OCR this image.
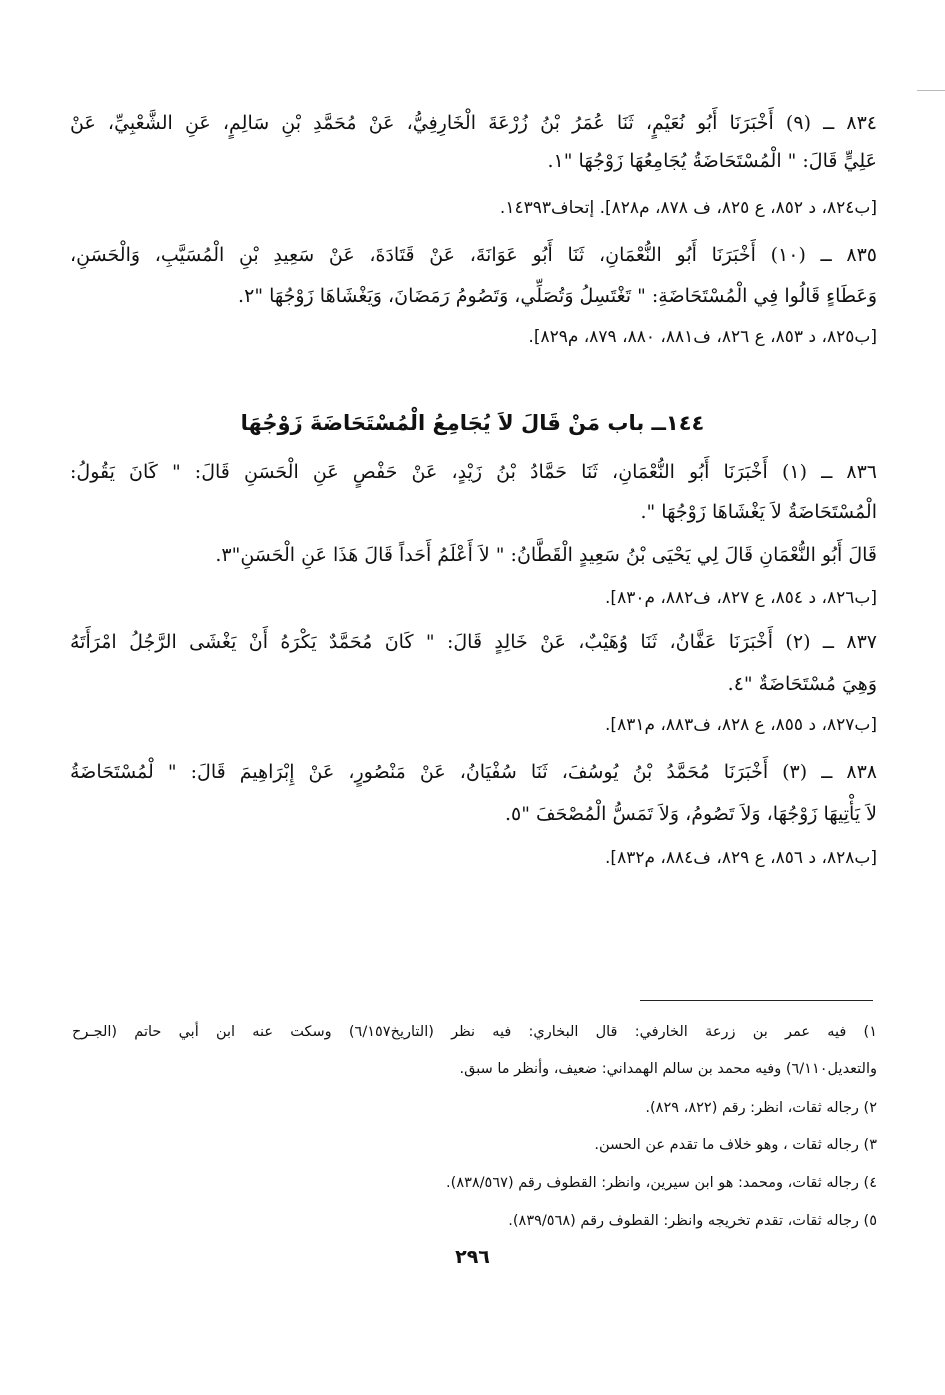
٨٣٤ ــ (٩) أَخْبَرَنَا أَبُو نُعَيْمٍ، ثَنَا عُمَرُ بْنُ زُرْعَةَ الْخَارِفِيُّ، عَنْ مُحَمَّدِ بْنِ سَالِمٍ، عَنِ الشَّعْبِيِّ، عَنْ
عَلِيٍّ قَالَ: " الْمُسْتَحَاضَةُ يُجَامِعُهَا زَوْجُهَا "١.
[ب٨٢٤، د ٨٥٢، ع ٨٢٥، ف ٨٧٨، م٨٢٨]. إتحاف١٤٣٩٣.
٨٣٥ ــ (١٠) أَخْبَرَنَا أَبُو النُّعْمَانِ، ثَنَا أَبُو عَوَانَةَ، عَنْ قَتَادَةَ، عَنْ سَعِيدِ بْنِ الْمُسَيَّبِ، وَالْحَسَنِ،
وَعَطَاءٍ قَالُوا فِي الْمُسْتَحَاضَةِ: " تَغْتَسِلُ وَتُصَلِّي، وَتَصُومُ رَمَضَانَ، وَيَغْشَاهَا زَوْجُهَا "٢.
[ب٨٢٥، د ٨٥٣، ع ٨٢٦، ف٨٨١، ٨٨٠، ٨٧٩، م٨٢٩].
١٤٤ــ باب مَنْ قَالَ لاَ يُجَامِعُ الْمُسْتَحَاضَةَ زَوْجُهَا
٨٣٦ ــ (١) أَخْبَرَنَا أَبُو النُّعْمَانِ، ثَنَا حَمَّادُ بْنُ زَيْدٍ، عَنْ حَفْصٍ عَنِ الْحَسَنِ قَالَ: " كَانَ يَقُولُ:
الْمُسْتَحَاضَةُ لاَ يَغْشَاهَا زَوْجُهَا ".
قَالَ أَبُو النُّعْمَانِ قَالَ لِي يَحْيَى بْنُ سَعِيدٍ الْقَطَّانُ: " لاَ أَعْلَمُ أَحَداً قَالَ هَذَا عَنِ الْحَسَنِ"٣.
[ب٨٢٦، د ٨٥٤، ع ٨٢٧، ف٨٨٢، م٨٣٠].
٨٣٧ ــ (٢) أَخْبَرَنَا عَفَّانُ، ثَنَا وُهَيْبٌ، عَنْ خَالِدٍ قَالَ: " كَانَ مُحَمَّدٌ يَكْرَهُ أَنْ يَغْشَى الرَّجُلُ امْرَأَتَهُ
وَهِيَ مُسْتَحَاضَةٌ "٤.
[ب٨٢٧، د ٨٥٥، ع ٨٢٨، ف٨٨٣، م٨٣١].
٨٣٨ ــ (٣) أَخْبَرَنَا مُحَمَّدُ بْنُ يُوسُفَ، ثَنَا سُفْيَانُ، عَنْ مَنْصُورٍ، عَنْ إِبْرَاهِيمَ قَالَ: " لْمُسْتَحَاضَةُ
لاَ يَأْتِيهَا زَوْجُهَا، وَلاَ تَصُومُ، وَلاَ تَمَسُّ الْمُصْحَفَ "٥.
[ب٨٢٨، د ٨٥٦، ع ٨٢٩، ف٨٨٤، م٨٣٢].
١) فيه عمر بن زرعة الخارفي: قال البخاري: فيه نظر (التاريخ٦/١٥٧) وسكت عنه ابن أبي حاتم (الجـرح
والتعديل٦/١١٠) وفيه محمد بن سالم الهمداني: ضعيف، وأنظر ما سبق.
٢) رجاله ثقات، انظر: رقم (٨٢٢، ٨٢٩).
٣) رجاله ثقات ، وهو خلاف ما تقدم عن الحسن.
٤) رجاله ثقات، ومحمد: هو ابن سيرين، وانظر: القطوف رقم (٨٣٨/٥٦٧).
٥) رجاله ثقات، تقدم تخريجه وانظر: القطوف رقم (٨٣٩/٥٦٨).
٢٩٦
